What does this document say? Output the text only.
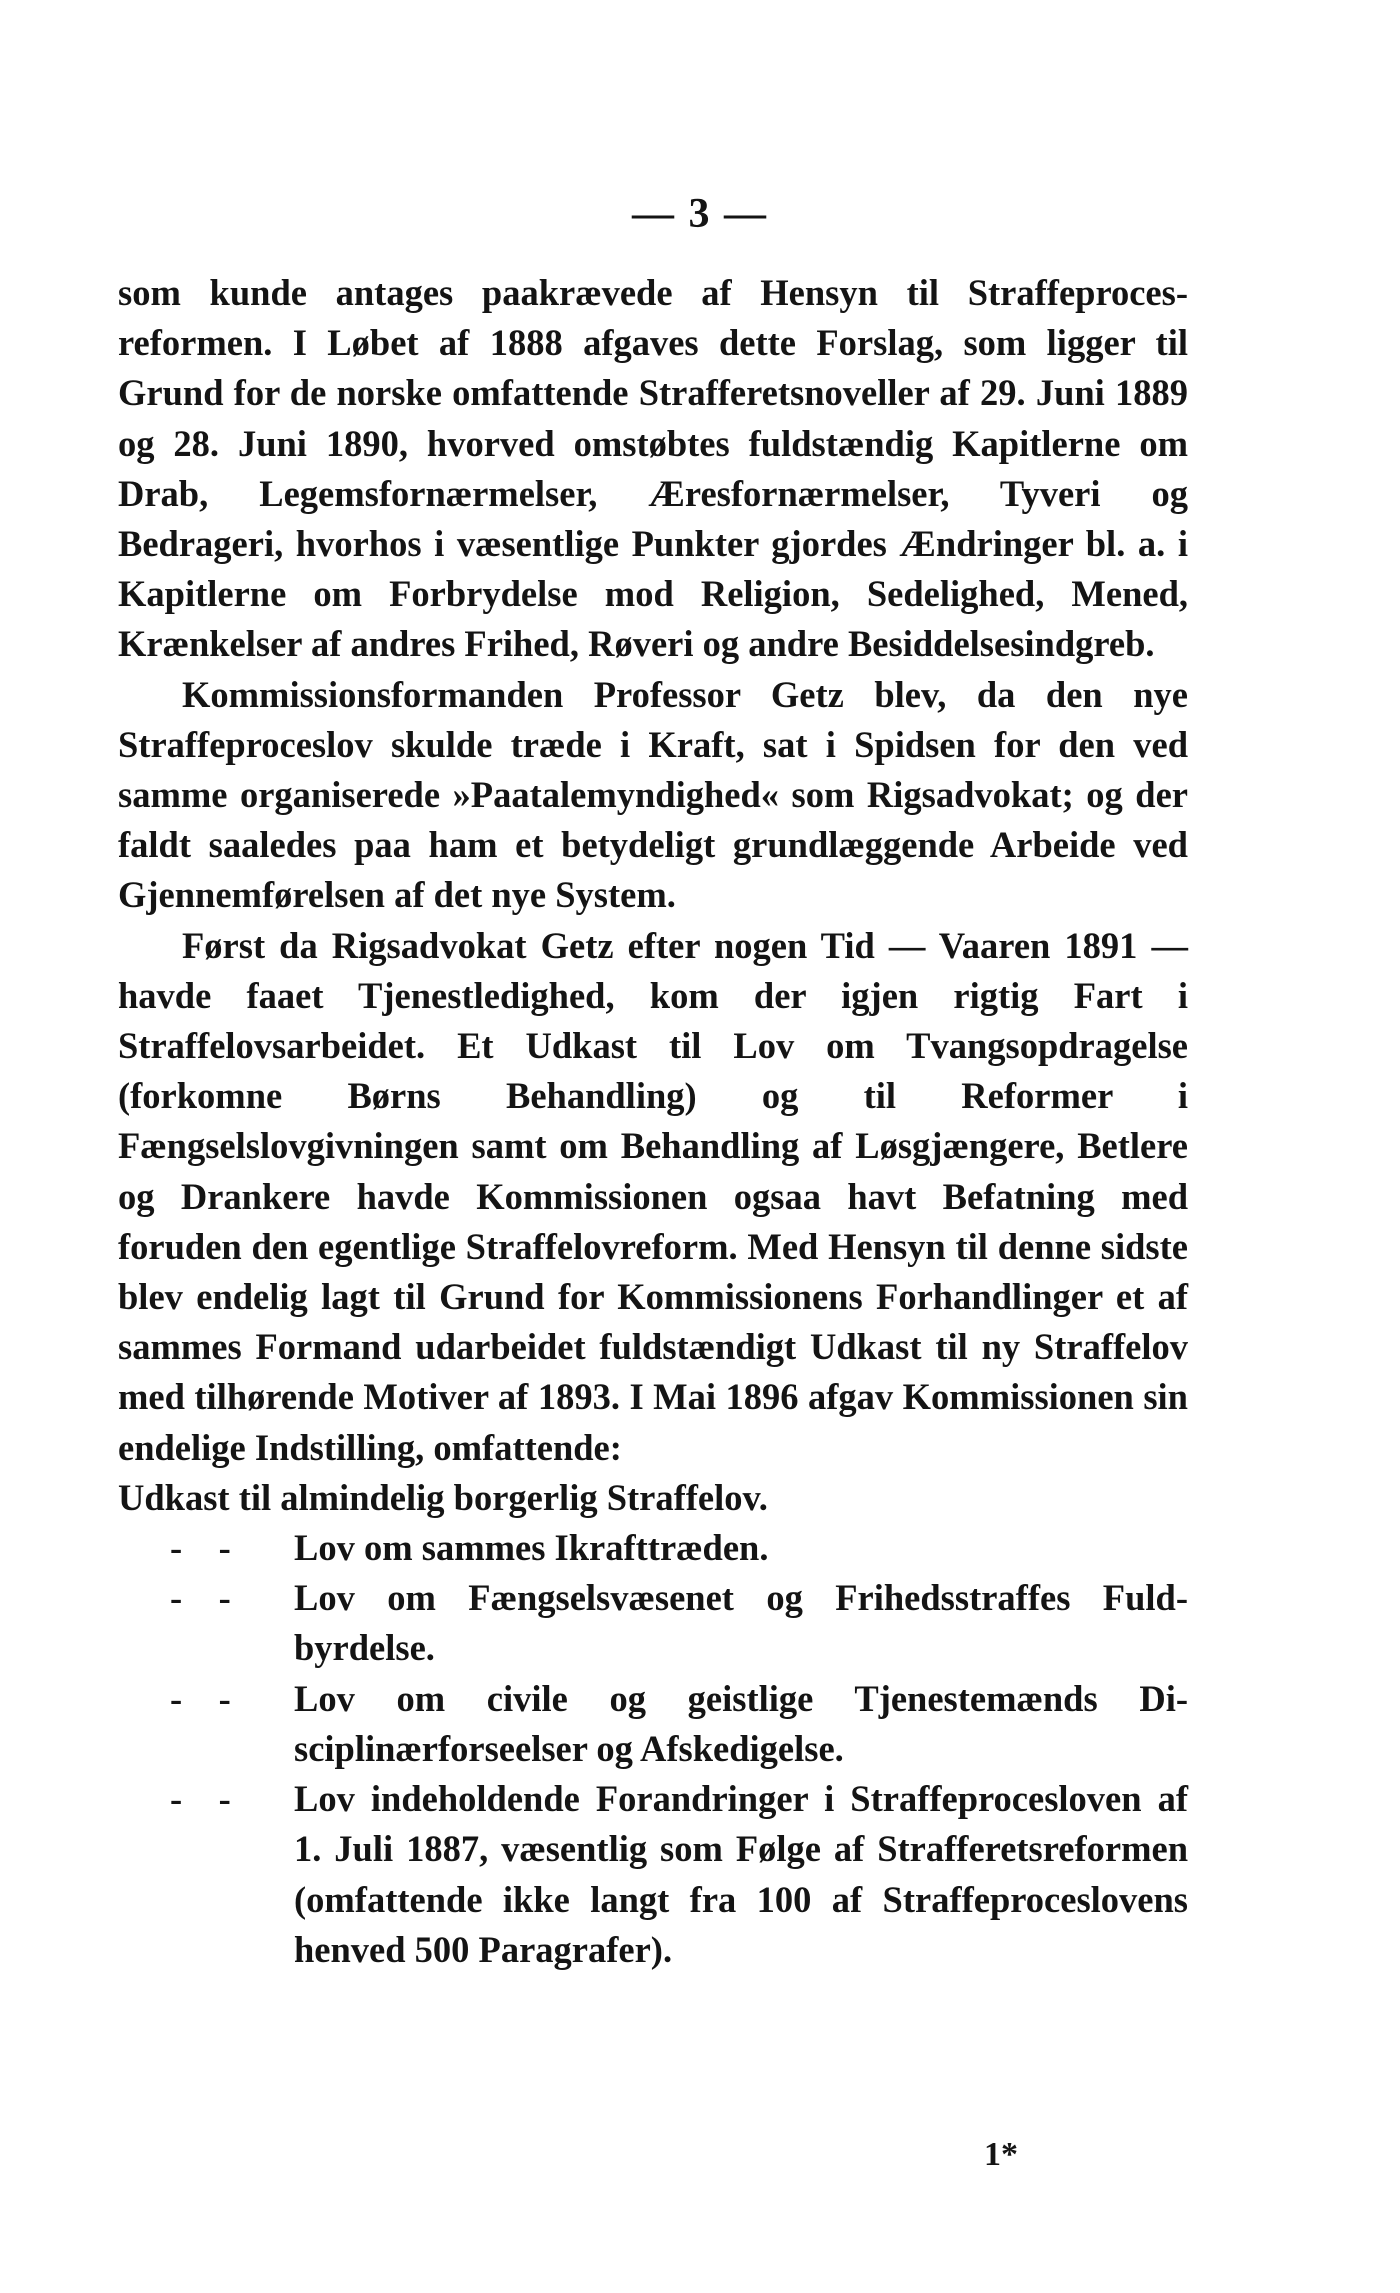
— 3 —

som kunde antages paakrævede af Hensyn til Straffeprocesreformen. I Løbet af 1888 afgaves dette Forslag, som ligger til Grund for de norske omfattende Strafferetsnoveller af 29. Juni 1889 og 28. Juni 1890, hvorved omstøbtes fuldstændig Kapitlerne om Drab, Legemsfornærmelser, Æresfornærmelser, Tyveri og Bedrageri, hvorhos i væsentlige Punkter gjordes Ændringer bl. a. i Kapitlerne om Forbrydelse mod Religion, Sedelighed, Mened, Krænkelser af andres Frihed, Røveri og andre Besiddelsesindgreb.

Kommissionsformanden Professor Getz blev, da den nye Straffeproceslov skulde træde i Kraft, sat i Spidsen for den ved samme organiserede »Paatalemyndighed« som Rigsadvokat; og der faldt saaledes paa ham et betydeligt grundlæggende Arbeide ved Gjennemførelsen af det nye System.

Først da Rigsadvokat Getz efter nogen Tid — Vaaren 1891 — havde faaet Tjenestledighed, kom der igjen rigtig Fart i Straffelovsarbeidet. Et Udkast til Lov om Tvangsopdragelse (forkomne Børns Behandling) og til Reformer i Fængselslovgivningen samt om Behandling af Løsgjængere, Betlere og Drankere havde Kommissionen ogsaa havt Befatning med foruden den egentlige Straffelovreform. Med Hensyn til denne sidste blev endelig lagt til Grund for Kommissionens Forhandlinger et af sammes Formand udarbeidet fuldstændigt Udkast til ny Straffelov med tilhørende Motiver af 1893. I Mai 1896 afgav Kommissionen sin endelige Indstilling, omfattende:

Udkast til almindelig borgerlig Straffelov.

-    -	Lov om sammes Ikrafttræden.
-    -	Lov om Fængselsvæsenet og Frihedsstraffes Fuldbyrdelse.
-    -	Lov om civile og geistlige Tjenestemænds Disciplinærforseelser og Afskedigelse.
-    -	Lov indeholdende Forandringer i Straffeprocesloven af 1. Juli 1887, væsentlig som Følge af Strafferetsreformen (omfattende ikke langt fra 100 af Straffeproceslovens henved 500 Paragrafer).
1*
